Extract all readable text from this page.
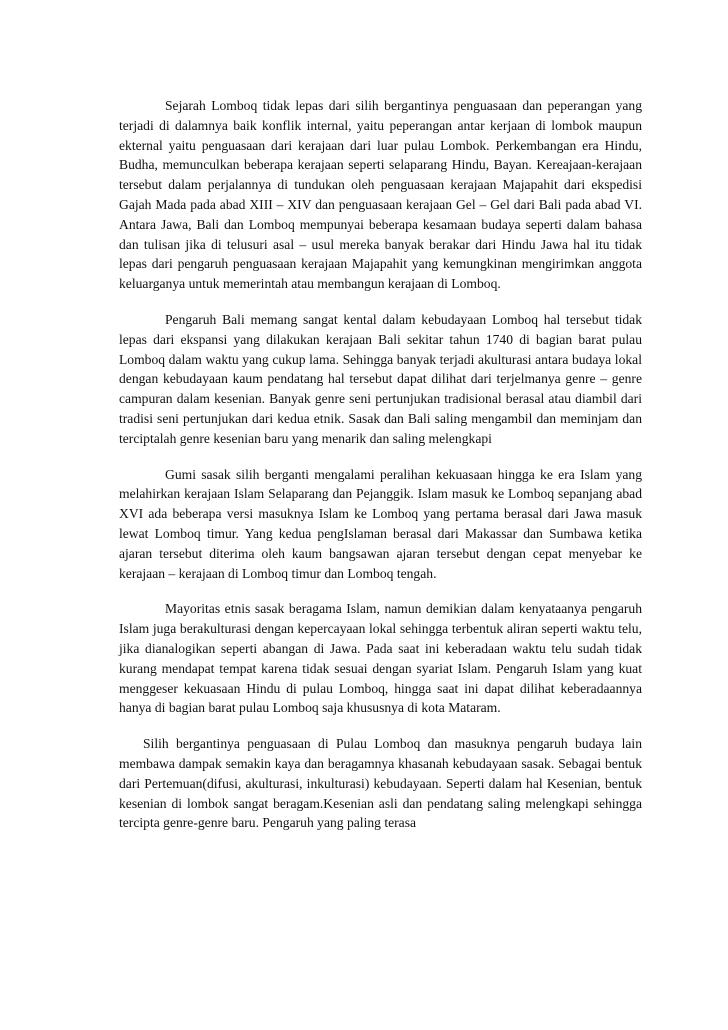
Sejarah Lomboq tidak lepas dari silih bergantinya penguasaan dan peperangan yang terjadi di dalamnya baik konflik internal, yaitu peperangan antar kerjaan di lombok maupun ekternal yaitu penguasaan dari kerajaan dari luar pulau Lombok. Perkembangan era Hindu, Budha, memunculkan beberapa kerajaan seperti selaparang Hindu, Bayan. Kereajaan-kerajaan tersebut dalam perjalannya di tundukan oleh penguasaan kerajaan Majapahit dari ekspedisi Gajah Mada pada abad XIII – XIV dan penguasaan kerajaan Gel – Gel dari Bali pada abad VI. Antara Jawa, Bali dan Lomboq mempunyai beberapa kesamaan budaya seperti dalam bahasa dan tulisan jika di telusuri asal – usul mereka banyak berakar dari Hindu Jawa hal itu tidak lepas dari pengaruh penguasaan kerajaan Majapahit yang kemungkinan mengirimkan anggota keluarganya untuk memerintah atau membangun kerajaan di Lomboq.

Pengaruh Bali memang sangat kental dalam kebudayaan Lomboq hal tersebut tidak lepas dari ekspansi yang dilakukan kerajaan Bali sekitar tahun 1740 di bagian barat pulau Lomboq dalam waktu yang cukup lama. Sehingga banyak terjadi akulturasi antara budaya lokal dengan kebudayaan kaum pendatang hal tersebut dapat dilihat dari terjelmanya genre – genre campuran dalam kesenian. Banyak genre seni pertunjukan tradisional berasal atau diambil dari tradisi seni pertunjukan dari kedua etnik. Sasak dan Bali saling mengambil dan meminjam dan terciptalah genre kesenian baru yang menarik dan saling melengkapi

Gumi sasak silih berganti mengalami peralihan kekuasaan hingga ke era Islam yang melahirkan kerajaan Islam Selaparang dan Pejanggik. Islam masuk ke Lomboq sepanjang abad XVI ada beberapa versi masuknya Islam ke Lomboq yang pertama berasal dari Jawa masuk lewat Lomboq timur. Yang kedua pengIslaman berasal dari Makassar dan Sumbawa ketika ajaran tersebut diterima oleh kaum bangsawan ajaran tersebut dengan cepat menyebar ke kerajaan – kerajaan di Lomboq timur dan Lomboq tengah.

Mayoritas etnis sasak beragama Islam, namun demikian dalam kenyataanya pengaruh Islam juga berakulturasi dengan kepercayaan lokal sehingga terbentuk aliran seperti waktu telu, jika dianalogikan seperti abangan di Jawa. Pada saat ini keberadaan waktu telu sudah tidak kurang mendapat tempat karena tidak sesuai dengan syariat Islam. Pengaruh Islam yang kuat menggeser kekuasaan Hindu di pulau Lomboq, hingga saat ini dapat dilihat keberadaannya hanya di bagian barat pulau Lomboq saja khususnya di kota Mataram.

Silih bergantinya penguasaan di Pulau Lomboq dan masuknya pengaruh budaya lain membawa dampak semakin kaya dan beragamnya khasanah kebudayaan sasak. Sebagai bentuk dari Pertemuan(difusi, akulturasi, inkulturasi) kebudayaan. Seperti dalam hal Kesenian, bentuk kesenian di lombok sangat beragam.Kesenian asli dan pendatang saling melengkapi sehingga tercipta genre-genre baru. Pengaruh yang paling terasa
